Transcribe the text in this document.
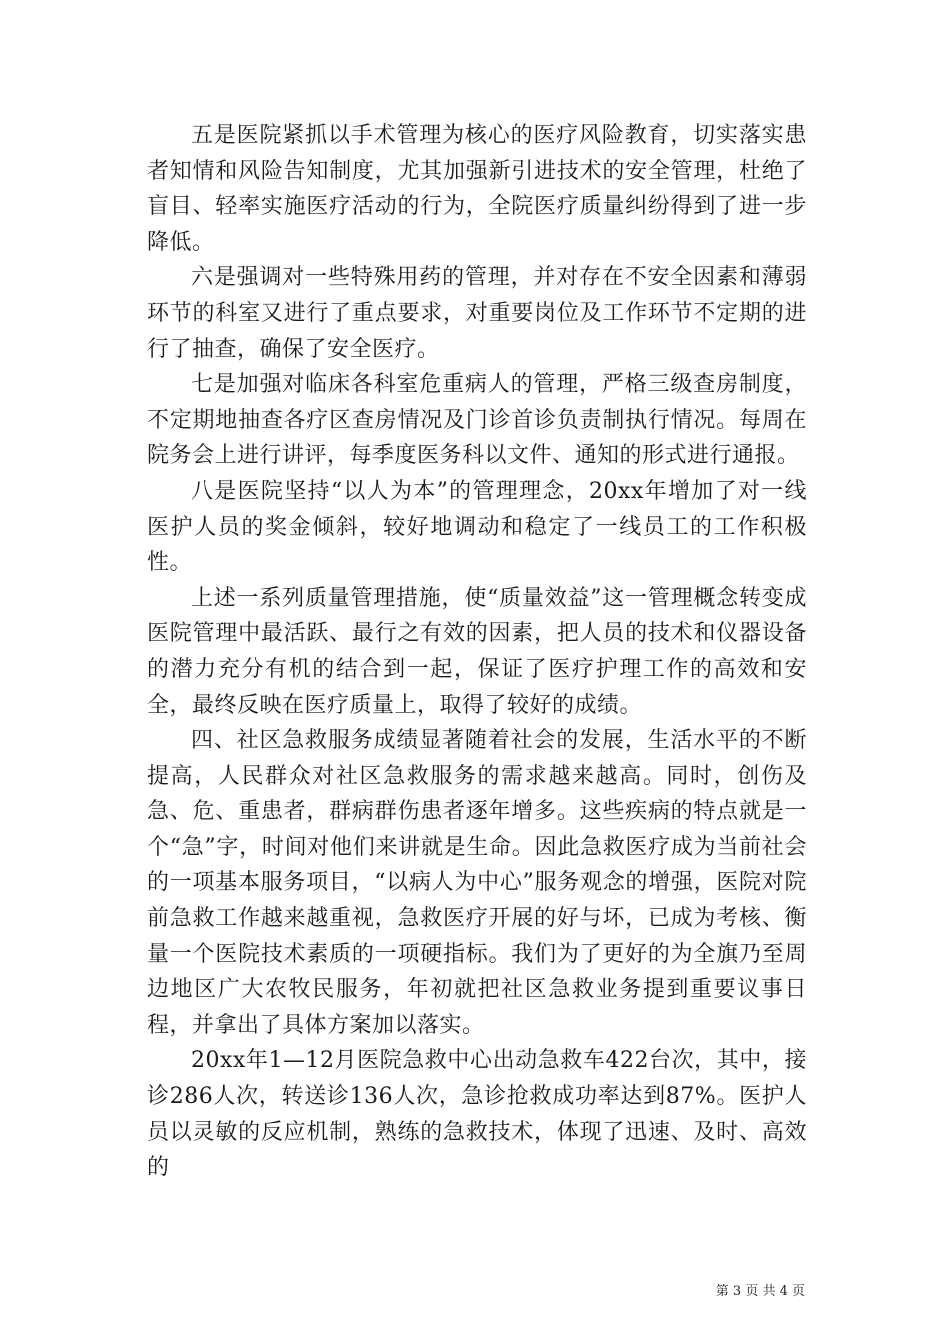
五是医院紧抓以手术管理为核心的医疗风险教育，切实落实患者知情和风险告知制度，尤其加强新引进技术的安全管理，杜绝了盲目、轻率实施医疗活动的行为，全院医疗质量纠纷得到了进一步降低。

六是强调对一些特殊用药的管理，并对存在不安全因素和薄弱环节的科室又进行了重点要求，对重要岗位及工作环节不定期的进行了抽查，确保了安全医疗。

七是加强对临床各科室危重病人的管理，严格三级查房制度，不定期地抽查各疗区查房情况及门诊首诊负责制执行情况。每周在院务会上进行讲评，每季度医务科以文件、通知的形式进行通报。

八是医院坚持“以人为本”的管理理念，20xx年增加了对一线医护人员的奖金倾斜，较好地调动和稳定了一线员工的工作积极性。

上述一系列质量管理措施，使“质量效益”这一管理概念转变成医院管理中最活跃、最行之有效的因素，把人员的技术和仪器设备的潜力充分有机的结合到一起，保证了医疗护理工作的高效和安全，最终反映在医疗质量上，取得了较好的成绩。

四、社区急救服务成绩显著随着社会的发展，生活水平的不断提高，人民群众对社区急救服务的需求越来越高。同时，创伤及急、危、重患者，群病群伤患者逐年增多。这些疾病的特点就是一个“急”字，时间对他们来讲就是生命。因此急救医疗成为当前社会的一项基本服务项目，“以病人为中心”服务观念的增强，医院对院前急救工作越来越重视，急救医疗开展的好与坏，已成为考核、衡量一个医院技术素质的一项硬指标。我们为了更好的为全旗乃至周边地区广大农牧民服务，年初就把社区急救业务提到重要议事日程，并拿出了具体方案加以落实。

20xx年1—12月医院急救中心出动急救车422台次，其中，接诊286人次，转送诊136人次，急诊抢救成功率达到87%。医护人员以灵敏的反应机制，熟练的急救技术，体现了迅速、及时、高效的

第 3 页 共 4 页
